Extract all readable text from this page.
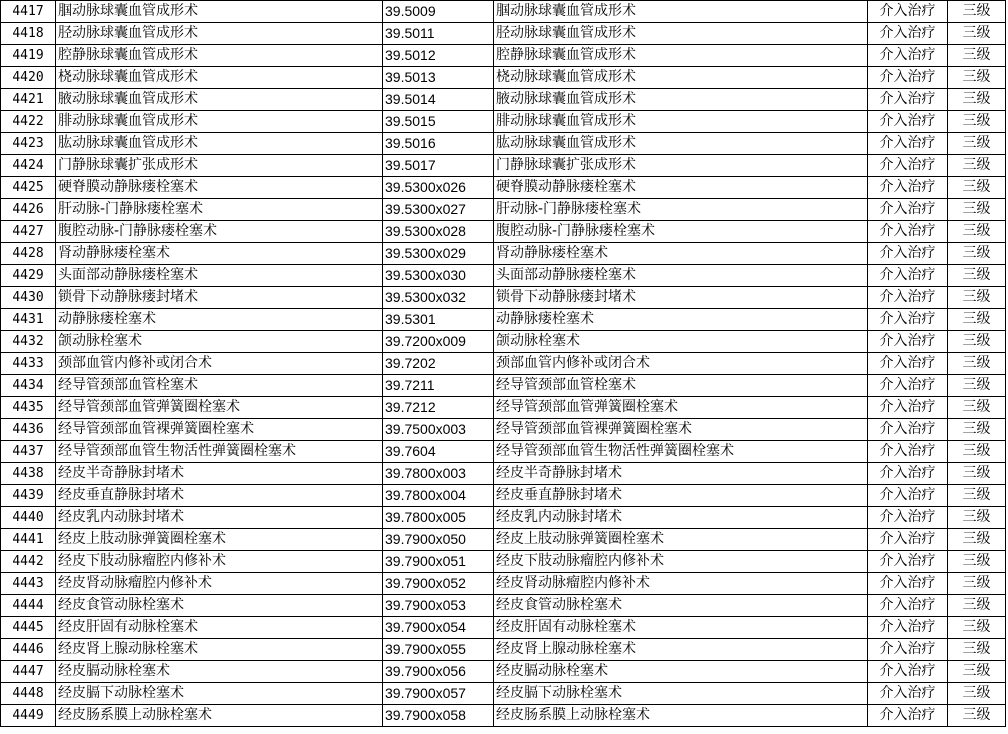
4417	腘动脉球囊血管成形术	39.5009	腘动脉球囊血管成形术	介入治疗	三级
4418	胫动脉球囊血管成形术	39.5011	胫动脉球囊血管成形术	介入治疗	三级
4419	腔静脉球囊血管成形术	39.5012	腔静脉球囊血管成形术	介入治疗	三级
4420	桡动脉球囊血管成形术	39.5013	桡动脉球囊血管成形术	介入治疗	三级
4421	腋动脉球囊血管成形术	39.5014	腋动脉球囊血管成形术	介入治疗	三级
4422	腓动脉球囊血管成形术	39.5015	腓动脉球囊血管成形术	介入治疗	三级
4423	肱动脉球囊血管成形术	39.5016	肱动脉球囊血管成形术	介入治疗	三级
4424	门静脉球囊扩张成形术	39.5017	门静脉球囊扩张成形术	介入治疗	三级
4425	硬脊膜动静脉瘘栓塞术	39.5300x026	硬脊膜动静脉瘘栓塞术	介入治疗	三级
4426	肝动脉-门静脉瘘栓塞术	39.5300x027	肝动脉-门静脉瘘栓塞术	介入治疗	三级
4427	腹腔动脉-门静脉瘘栓塞术	39.5300x028	腹腔动脉-门静脉瘘栓塞术	介入治疗	三级
4428	肾动静脉瘘栓塞术	39.5300x029	肾动静脉瘘栓塞术	介入治疗	三级
4429	头面部动静脉瘘栓塞术	39.5300x030	头面部动静脉瘘栓塞术	介入治疗	三级
4430	锁骨下动静脉瘘封堵术	39.5300x032	锁骨下动静脉瘘封堵术	介入治疗	三级
4431	动静脉瘘栓塞术	39.5301	动静脉瘘栓塞术	介入治疗	三级
4432	颌动脉栓塞术	39.7200x009	颌动脉栓塞术	介入治疗	三级
4433	颈部血管内修补或闭合术	39.7202	颈部血管内修补或闭合术	介入治疗	三级
4434	经导管颈部血管栓塞术	39.7211	经导管颈部血管栓塞术	介入治疗	三级
4435	经导管颈部血管弹簧圈栓塞术	39.7212	经导管颈部血管弹簧圈栓塞术	介入治疗	三级
4436	经导管颈部血管裸弹簧圈栓塞术	39.7500x003	经导管颈部血管裸弹簧圈栓塞术	介入治疗	三级
4437	经导管颈部血管生物活性弹簧圈栓塞术	39.7604	经导管颈部血管生物活性弹簧圈栓塞术	介入治疗	三级
4438	经皮半奇静脉封堵术	39.7800x003	经皮半奇静脉封堵术	介入治疗	三级
4439	经皮垂直静脉封堵术	39.7800x004	经皮垂直静脉封堵术	介入治疗	三级
4440	经皮乳内动脉封堵术	39.7800x005	经皮乳内动脉封堵术	介入治疗	三级
4441	经皮上肢动脉弹簧圈栓塞术	39.7900x050	经皮上肢动脉弹簧圈栓塞术	介入治疗	三级
4442	经皮下肢动脉瘤腔内修补术	39.7900x051	经皮下肢动脉瘤腔内修补术	介入治疗	三级
4443	经皮肾动脉瘤腔内修补术	39.7900x052	经皮肾动脉瘤腔内修补术	介入治疗	三级
4444	经皮食管动脉栓塞术	39.7900x053	经皮食管动脉栓塞术	介入治疗	三级
4445	经皮肝固有动脉栓塞术	39.7900x054	经皮肝固有动脉栓塞术	介入治疗	三级
4446	经皮肾上腺动脉栓塞术	39.7900x055	经皮肾上腺动脉栓塞术	介入治疗	三级
4447	经皮膈动脉栓塞术	39.7900x056	经皮膈动脉栓塞术	介入治疗	三级
4448	经皮膈下动脉栓塞术	39.7900x057	经皮膈下动脉栓塞术	介入治疗	三级
4449	经皮肠系膜上动脉栓塞术	39.7900x058	经皮肠系膜上动脉栓塞术	介入治疗	三级
